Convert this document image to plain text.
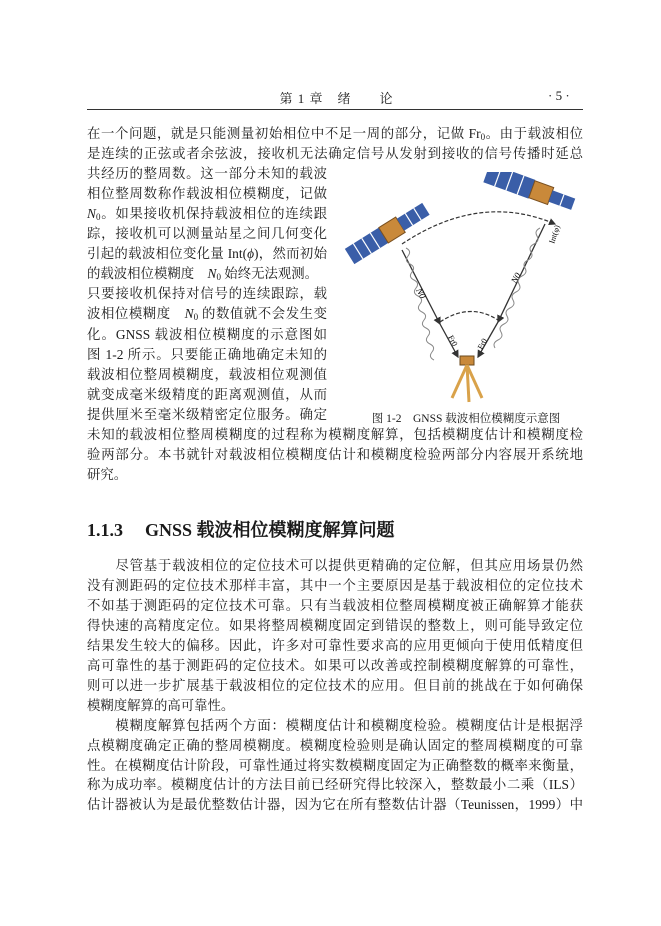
第 1 章　绪　　论	· 5 ·
在一个问题，就是只能测量初始相位中不足一周的部分，记做 $Fr_0$。由于载波相位
是连续的正弦或者余弦波，接收机无法确定信号从发射到接收的信号传播时延总
共经历的整周数。这一部分未知的载波
相位整周数称作载波相位模糊度，记做
$N_0$。如果接收机保持载波相位的连续跟
踪，接收机可以测量站星之间几何变化
引起的载波相位变化量 Int(ϕ)，然而初始
的载波相位模糊度　$N_0$ 始终无法观测。
只要接收机保持对信号的连续跟踪，载
波相位模糊度　$N_0$ 的数值就不会发生变
化。GNSS 载波相位模糊度的示意图如
图 1-2 所示。只要能正确地确定未知的
载波相位整周模糊度，载波相位观测值
就变成毫米级精度的距离观测值，从而
提供厘米至毫米级精密定位服务。确定
未知的载波相位整周模糊度的过程称为模糊度解算，包括模糊度估计和模糊度检
验两部分。本书就针对载波相位模糊度估计和模糊度检验两部分内容展开系统地
研究。
　　尽管基于载波相位的定位技术可以提供更精确的定位解，但其应用场景仍然
没有测距码的定位技术那样丰富，其中一个主要原因是基于载波相位的定位技术
不如基于测距码的定位技术可靠。只有当载波相位整周模糊度被正确解算才能获
得快速的高精度定位。如果将整周模糊度固定到错误的整数上，则可能导致定位
结果发生较大的偏移。因此，许多对可靠性要求高的应用更倾向于使用低精度但
高可靠性的基于测距码的定位技术。如果可以改善或控制模糊度解算的可靠性，
则可以进一步扩展基于载波相位的定位技术的应用。但目前的挑战在于如何确保
模糊度解算的高可靠性。
　　模糊度解算包括两个方面：模糊度估计和模糊度检验。模糊度估计是根据浮
点模糊度确定正确的整周模糊度。模糊度检验则是确认固定的整周模糊度的可靠
性。在模糊度估计阶段，可靠性通过将实数模糊度固定为正确整数的概率来衡量，
称为成功率。模糊度估计的方法目前已经研究得比较深入，整数最小二乘（ILS）
估计器被认为是最优整数估计器，因为它在所有整数估计器（Teunissen，1999）中
1.1.3 GNSS 载波相位模糊度解算问题
N0
N0
Fr0 Fr0
Int(φ)
图 1-2　GNSS 载波相位模糊度示意图
